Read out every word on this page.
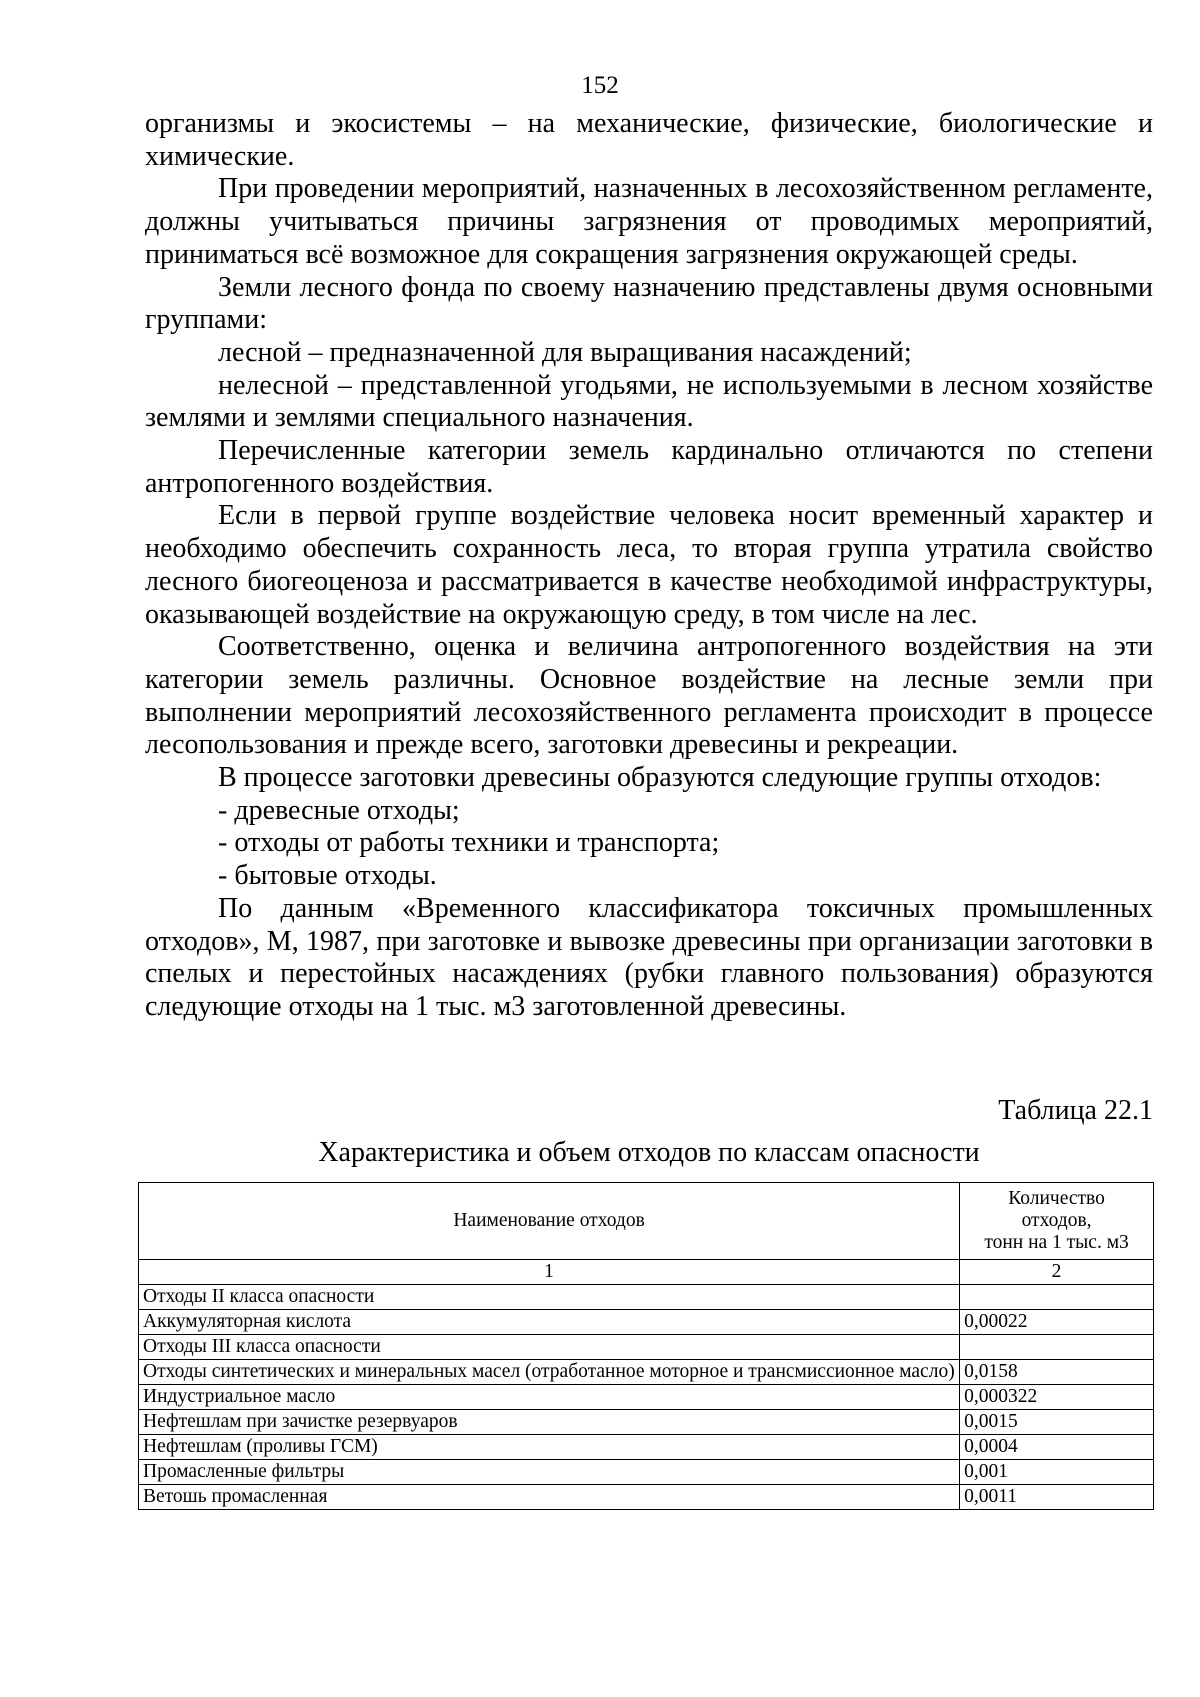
152

организмы и экосистемы – на механические, физические, биологические и химические.

При проведении мероприятий, назначенных в лесохозяйственном регламенте, должны учитываться причины загрязнения от проводимых мероприятий, приниматься всё возможное для сокращения загрязнения окружающей среды.

Земли лесного фонда по своему назначению представлены двумя основными группами:

лесной – предназначенной для выращивания насаждений;

нелесной – представленной угодьями, не используемыми в лесном хозяйстве землями и землями специального назначения.

Перечисленные категории земель кардинально отличаются по степени антропогенного воздействия.

Если в первой группе воздействие человека носит временный характер и необходимо обеспечить сохранность леса, то вторая группа утратила свойство лесного биогеоценоза и рассматривается в качестве необходимой инфраструктуры, оказывающей воздействие на окружающую среду, в том числе на лес.

Соответственно, оценка и величина антропогенного воздействия на эти категории земель различны. Основное воздействие на лесные земли при выполнении мероприятий лесохозяйственного регламента происходит в процессе лесопользования и прежде всего, заготовки древесины и рекреации.

В процессе заготовки древесины образуются следующие группы отходов:

- древесные отходы;

- отходы от работы техники и транспорта;

- бытовые отходы.

По данным «Временного классификатора токсичных промышленных отходов», М, 1987, при заготовке и вывозке древесины при организации заготовки в спелых и перестойных насаждениях (рубки главного пользования) образуются следующие отходы на 1 тыс. м3 заготовленной древесины.

Таблица 22.1
Характеристика и объем отходов по классам опасности
Наименование отходов	Количество
отходов,
тонн на 1 тыс. м3

1	2
Отходы II класса опасности	
Аккумуляторная кислота	0,00022
Отходы III класса опасности	
Отходы синтетических и минеральных масел (отработанное моторное и трансмиссионное масло)	0,0158
Индустриальное масло	0,000322
Нефтешлам при зачистке резервуаров	0,0015
Нефтешлам (проливы ГСМ)	0,0004
Промасленные фильтры	0,001
Ветошь промасленная	0,0011
